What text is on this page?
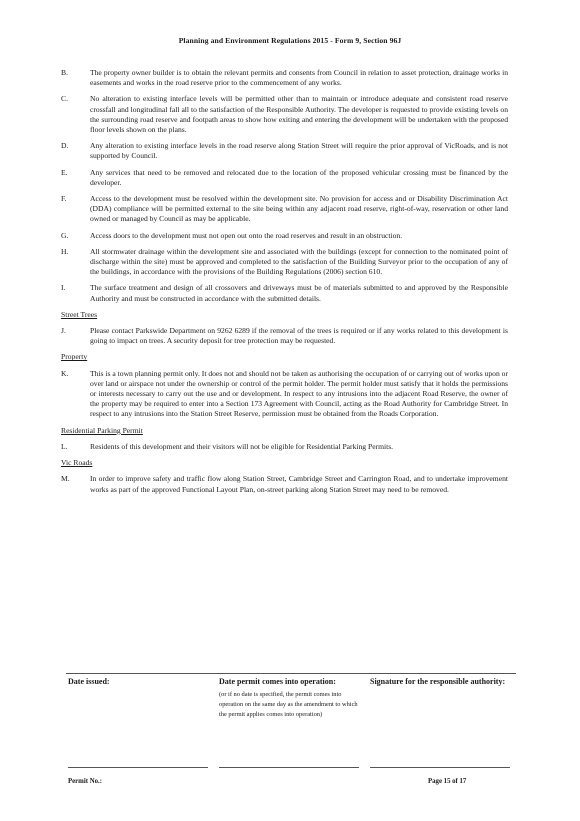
Planning and Environment Regulations 2015 - Form 9, Section 96J
B.	The property owner builder is to obtain the relevant permits and consents from Council in relation to asset protection, drainage works in easements and works in the road reserve prior to the commencement of any works.
C.	No alteration to existing interface levels will be permitted other than to maintain or introduce adequate and consistent road reserve crossfall and longitudinal fall all to the satisfaction of the Responsible Authority. The developer is requested to provide existing levels on the surrounding road reserve and footpath areas to show how exiting and entering the development will be undertaken with the proposed floor levels shown on the plans.
D.	Any alteration to existing interface levels in the road reserve along Station Street will require the prior approval of VicRoads, and is not supported by Council.
E.	Any services that need to be removed and relocated due to the location of the proposed vehicular crossing must be financed by the developer.
F.	Access to the development must be resolved within the development site. No provision for access and or Disability Discrimination Act (DDA) compliance will be permitted external to the site being within any adjacent road reserve, right-of-way, reservation or other land owned or managed by Council as may be applicable.
G.	Access doors to the development must not open out onto the road reserves and result in an obstruction.
H.	All stormwater drainage within the development site and associated with the buildings (except for connection to the nominated point of discharge within the site) must be approved and completed to the satisfaction of the Building Surveyor prior to the occupation of any of the buildings, in accordance with the provisions of the Building Regulations (2006) section 610.
I.	The surface treatment and design of all crossovers and driveways must be of materials submitted to and approved by the Responsible Authority and must be constructed in accordance with the submitted details.
Street Trees
J.	Please contact Parkswide Department on 9262 6289 if the removal of the trees is required or if any works related to this development is going to impact on trees. A security deposit for tree protection may be requested.
Property
K.	This is a town planning permit only. It does not and should not be taken as authorising the occupation of or carrying out of works upon or over land or airspace not under the ownership or control of the permit holder. The permit holder must satisfy that it holds the permissions or interests necessary to carry out the use and or development. In respect to any intrusions into the adjacent Road Reserve, the owner of the property may be required to enter into a Section 173 Agreement with Council, acting as the Road Authority for Cambridge Street. In respect to any intrusions into the Station Street Reserve, permission must be obtained from the Roads Corporation.
Residential Parking Permit
L.	Residents of this development and their visitors will not be eligible for Residential Parking Permits.
Vic Roads
M.	In order to improve safety and traffic flow along Station Street, Cambridge Street and Carrington Road, and to undertake improvement works as part of the approved Functional Layout Plan, on-street parking along Station Street may need to be removed.
Date issued:	Date permit comes into operation:
(or if no date is specified, the permit comes into operation on the same day as the amendment to which the permit applies comes into operation)
Signature for the responsible authority:
Permit No.:	Page 15 of 17
